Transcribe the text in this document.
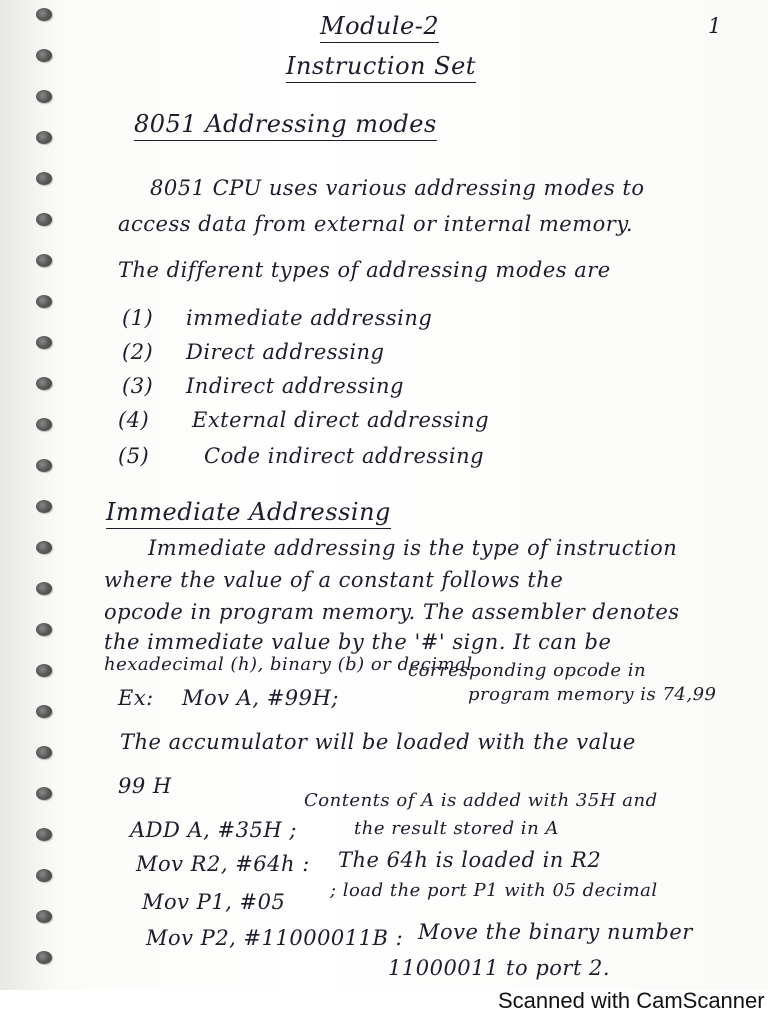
1
Module-2
Instruction Set
8051 Addressing modes
8051 CPU uses various addressing modes to
access data from external or internal memory.
The different types of addressing modes are
(1) immediate addressing
(2) Direct addressing
(3) Indirect addressing
(4) External direct addressing
(5)	Code indirect addressing
Immediate Addressing
Immediate addressing is the type of instruction
where the value of a constant follows the
opcode in program memory. The assembler denotes
the immediate value by the '#' sign. It can be
hexadecimal (h), binary (b) or decimal
Ex: Mov A, #99H;
corresponding opcode in
program memory is 74,99
The accumulator will be loaded with the value
99 H
ADD A, #35H ;
Contents of A is added with 35H and
the result stored in A
Mov R2, #64h : The 64h is loaded in R2
Mov P1, #05 ; load the port P1 with 05 decimal
Mov P2, #11000011B : Move the binary number
11000011 to port 2.
Scanned with CamScanner
